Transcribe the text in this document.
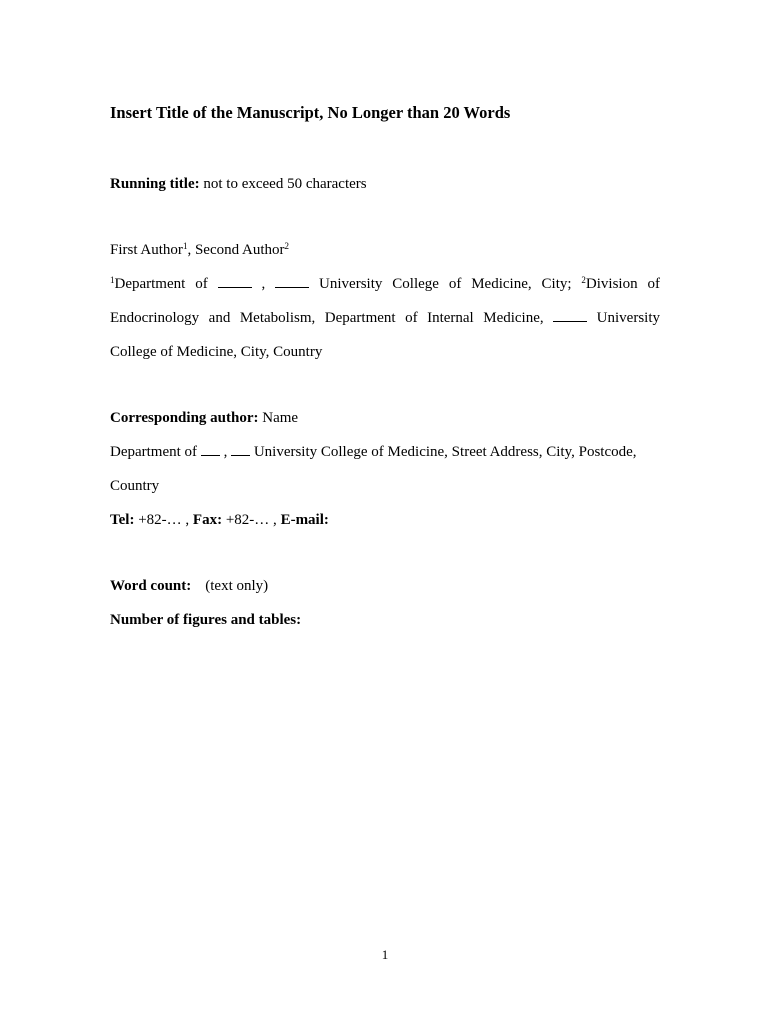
Insert Title of the Manuscript, No Longer than 20 Words
Running title: not to exceed 50 characters
First Author$^1$, Second Author$^2$
$^1$Department of  ,  University College of Medicine, City; $^2$Division of Endocrinology and Metabolism, Department of Internal Medicine,  University College of Medicine, City, Country
Corresponding author: Name
Department of  ,  University College of Medicine, Street Address, City, Postcode, Country
Tel: +82-… , Fax: +82-… , E-mail:
Word count: (text only)
Number of figures and tables:
1
